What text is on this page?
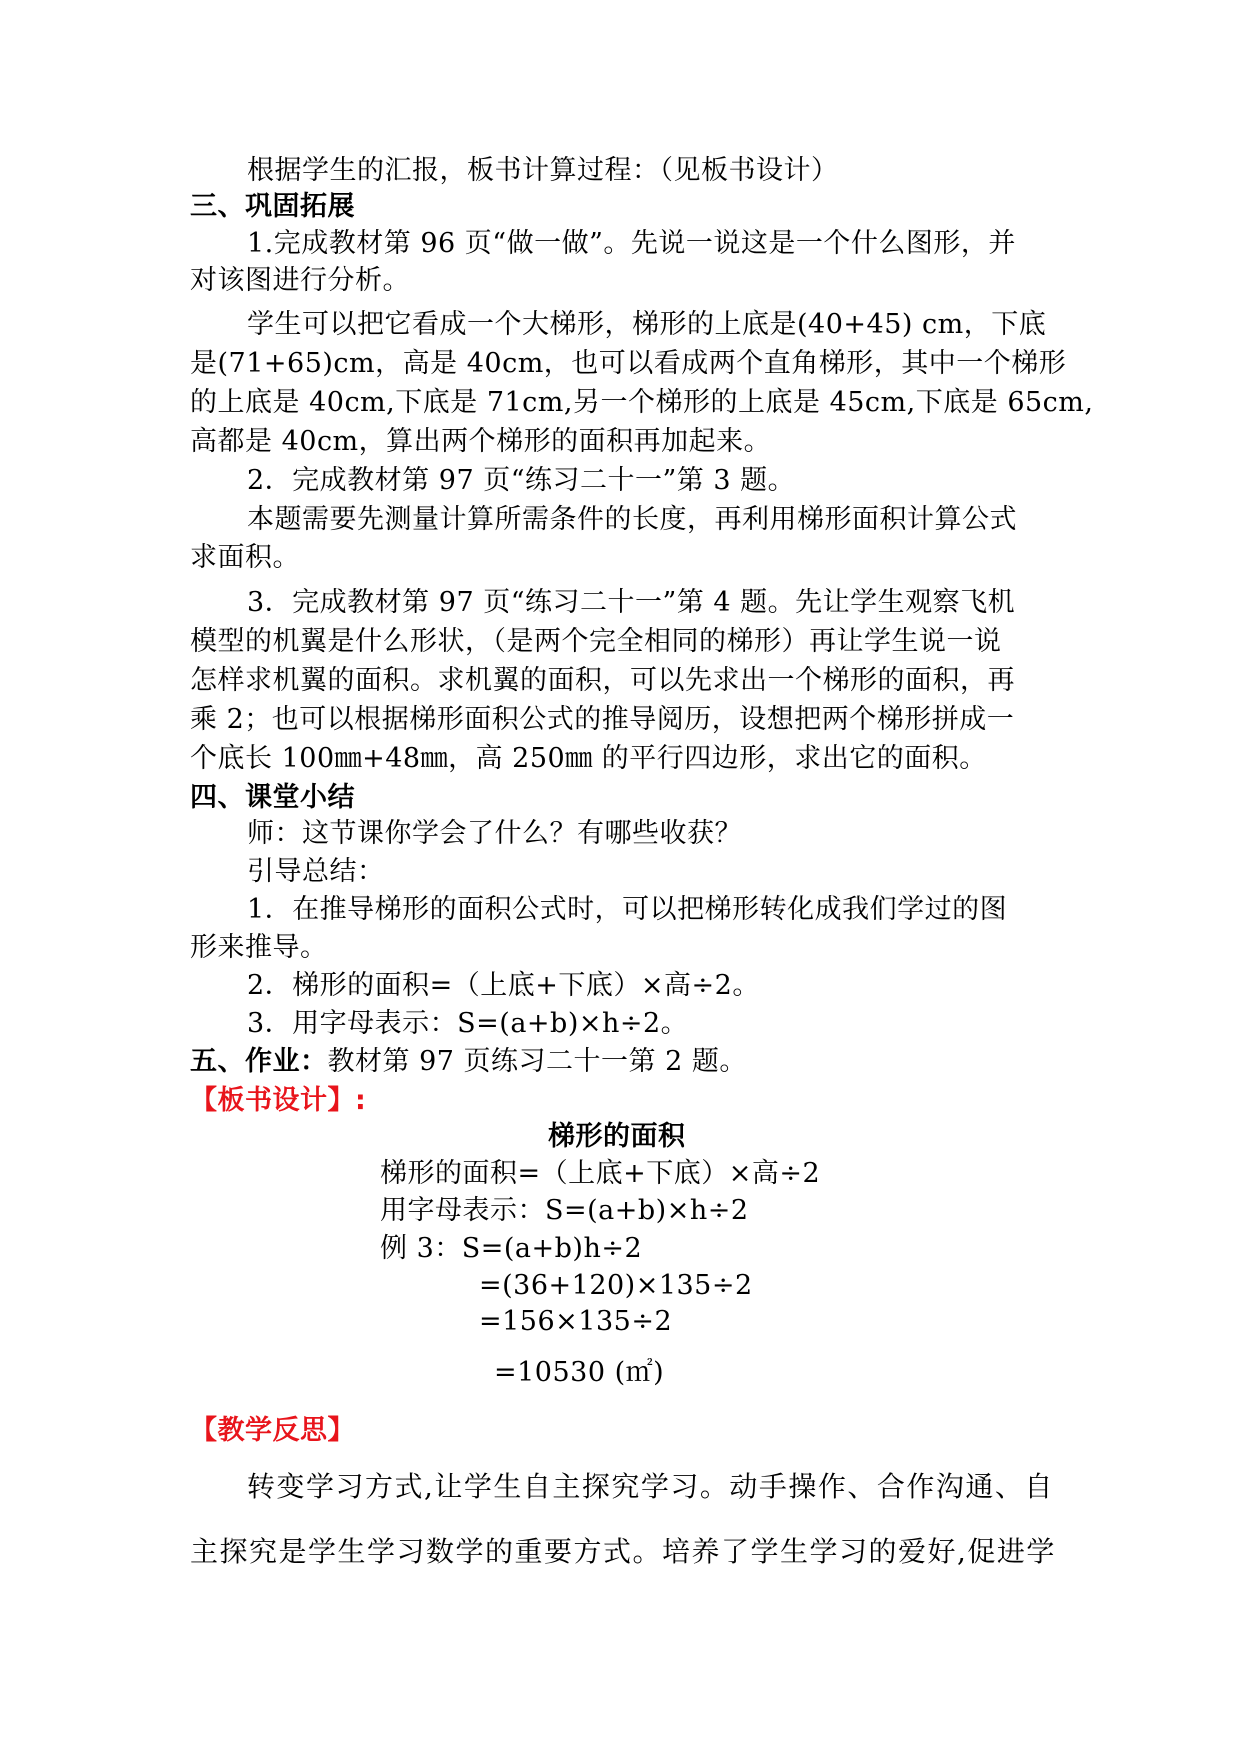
根据学生的汇报，板书计算过程：（见板书设计）
三、巩固拓展
1.完成教材第 96 页“做一做”。先说一说这是一个什么图形，并
对该图进行分析。
学生可以把它看成一个大梯形，梯形的上底是(40+45) cm，下底
是(71+65)cm，高是 40cm，也可以看成两个直角梯形，其中一个梯形
的上底是 40cm,下底是 71cm,另一个梯形的上底是 45cm,下底是 65cm,
高都是 40cm，算出两个梯形的面积再加起来。
2．完成教材第 97 页“练习二十一”第 3 题。
本题需要先测量计算所需条件的长度，再利用梯形面积计算公式
求面积。
3．完成教材第 97 页“练习二十一”第 4 题。先让学生观察飞机
模型的机翼是什么形状，（是两个完全相同的梯形）再让学生说一说
怎样求机翼的面积。求机翼的面积，可以先求出一个梯形的面积，再
乘 2；也可以根据梯形面积公式的推导阅历，设想把两个梯形拼成一
个底长 100㎜+48㎜，高 250㎜ 的平行四边形，求出它的面积。
四、课堂小结
师：这节课你学会了什么？有哪些收获？
引导总结：
1．在推导梯形的面积公式时，可以把梯形转化成我们学过的图
形来推导。
2．梯形的面积=（上底+下底）×高÷2。
3．用字母表示：S=(a+b)×h÷2。
五、作业：教材第 97 页练习二十一第 2 题。
【板书设计】:
梯形的面积
梯形的面积=（上底+下底）×高÷2
用字母表示：S=(a+b)×h÷2
例 3：S=(a+b)h÷2
=(36+120)×135÷2
=156×135÷2
=10530 (㎡)
【教学反思】
转变学习方式,让学生自主探究学习。动手操作、合作沟通、自
主探究是学生学习数学的重要方式。培养了学生学习的爱好,促进学
